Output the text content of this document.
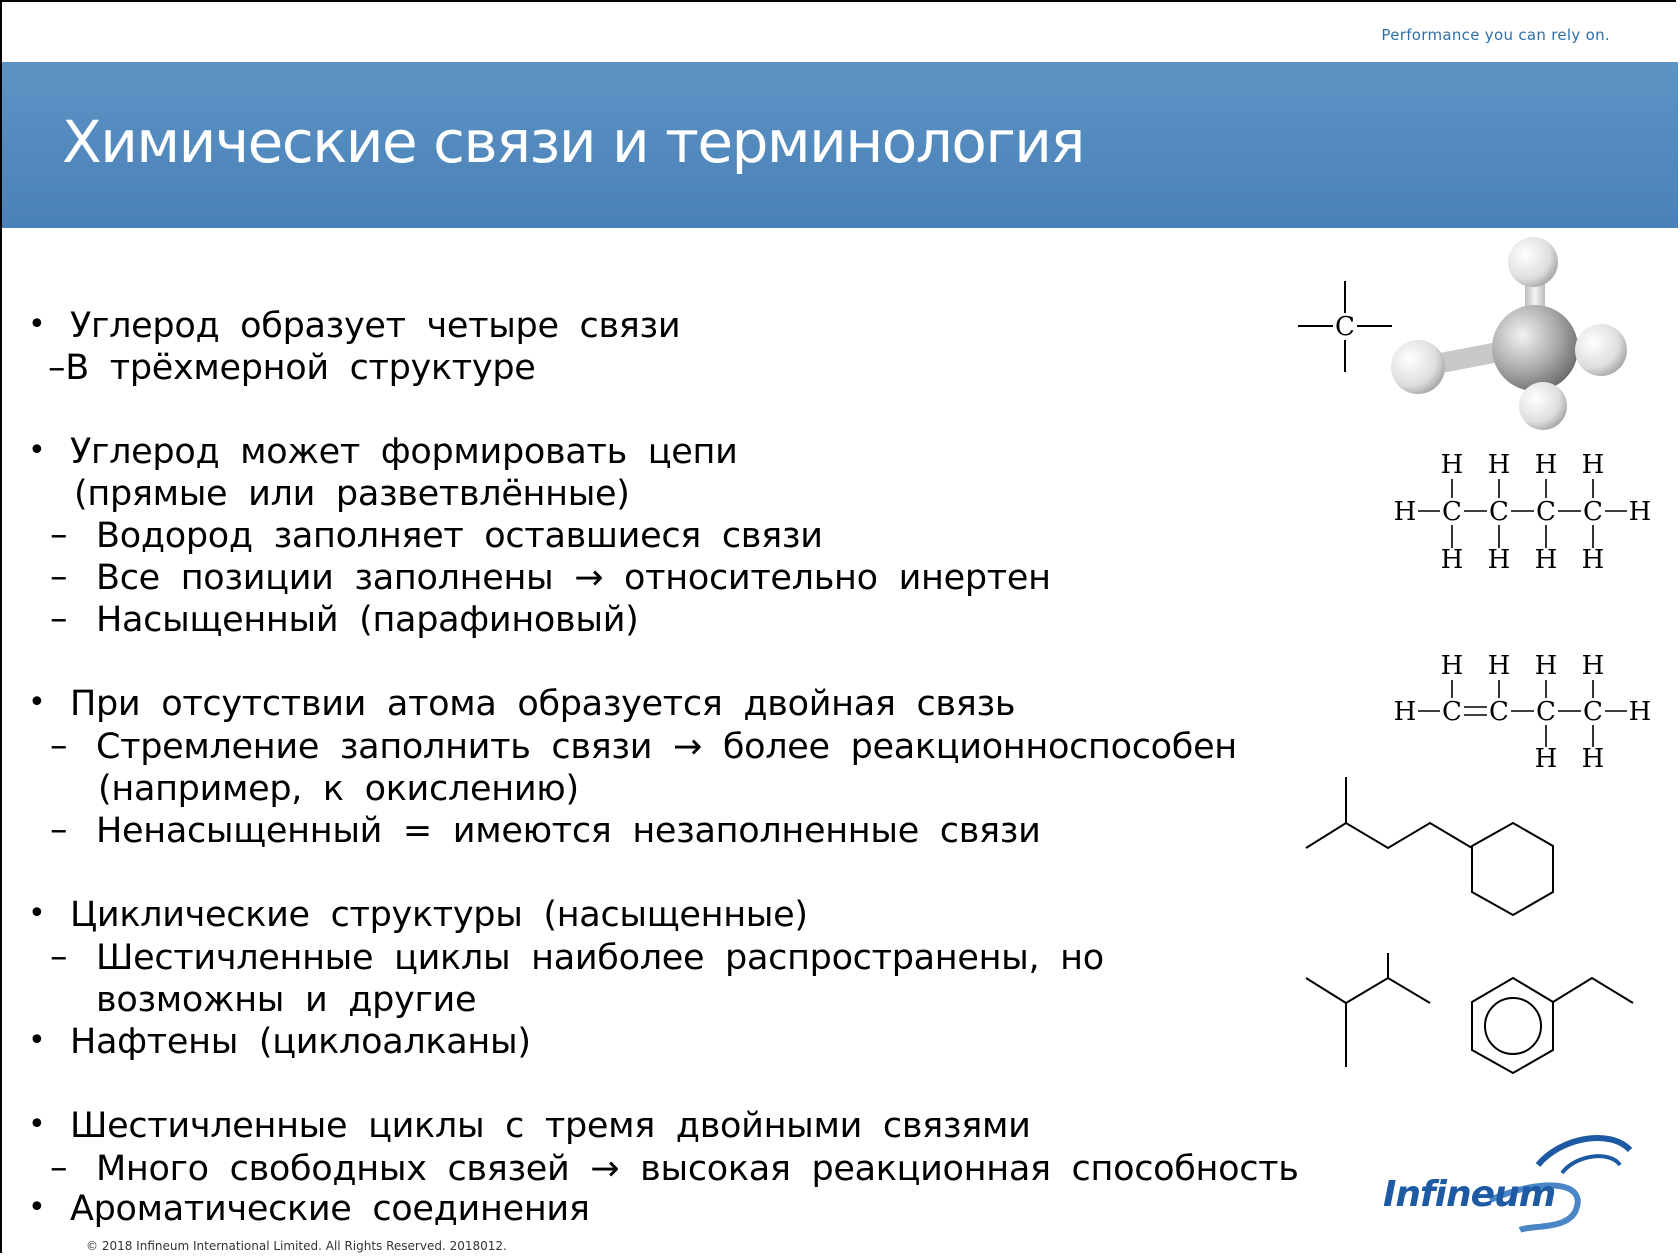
Performance you can rely on.
Химические связи и терминология
• Углерод образует четыре связи
–В трёхмерной структуре
• Углерод может формировать цепи
(прямые или разветвлённые)
– Водород заполняет оставшиеся связи
– Все позиции заполнены → относительно инертен
– Насыщенный (парафиновый)
• При отсутствии атома образуется двойная связь
– Стремление заполнить связи → более реакционноспособен
(например, к окислению)
– Ненасыщенный = имеются незаполненные связи
• Циклические структуры (насыщенные)
– Шестичленные циклы наиболее распространены, но
возможны и другие
• Нафтены (циклоалканы)
• Шестичленные циклы с тремя двойными связями
– Много свободных связей → высокая реакционная способность
• Ароматические соединения
C
H C
H
H
C
H
H
C
H
H
C
H
H
H
H C
H
C
H
C
H
H
C
H
H
H
Infineum
© 2018 Infineum International Limited. All Rights Reserved. 2018012.
